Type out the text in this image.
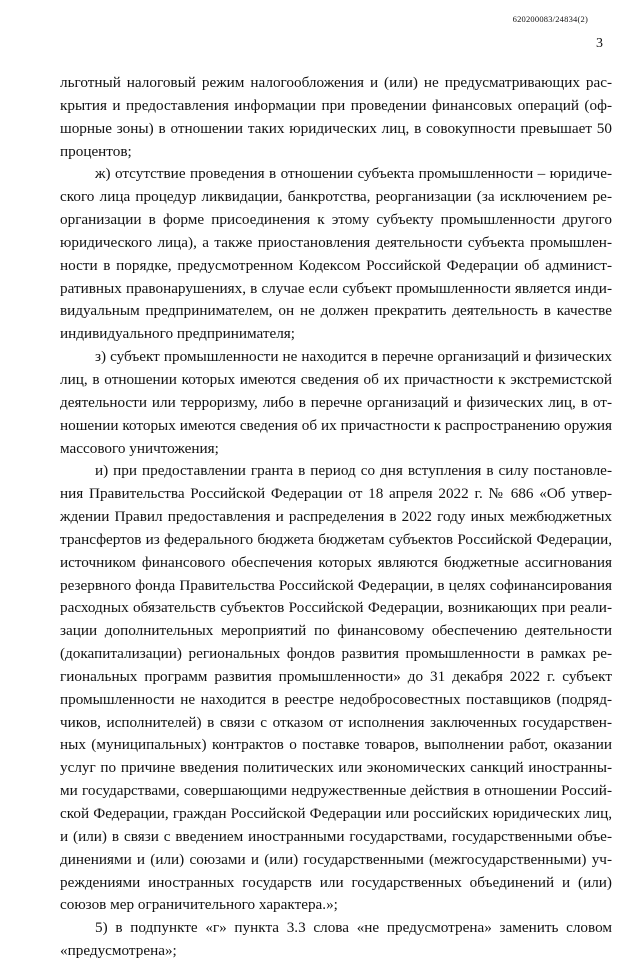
620200083/24834(2)
3

льготный налоговый режим налогообложения и (или) не предусматривающих раскрытия и предоставления информации при проведении финансовых операций (офшорные зоны) в отношении таких юридических лиц, в совокупности превышает 50 процентов;

ж) отсутствие проведения в отношении субъекта промышленности – юридического лица процедур ликвидации, банкротства, реорганизации (за исключением реорганизации в форме присоединения к этому субъекту промышленности другого юридического лица), а также приостановления деятельности субъекта промышленности в порядке, предусмотренном Кодексом Российской Федерации об административных правонарушениях, в случае если субъект промышленности является индивидуальным предпринимателем, он не должен прекратить деятельность в качестве индивидуального предпринимателя;

з) субъект промышленности не находится в перечне организаций и физических лиц, в отношении которых имеются сведения об их причастности к экстремистской деятельности или терроризму, либо в перечне организаций и физических лиц, в отношении которых имеются сведения об их причастности к распространению оружия массового уничтожения;

и) при предоставлении гранта в период со дня вступления в силу постановления Правительства Российской Федерации от 18 апреля 2022 г. № 686 «Об утверждении Правил предоставления и распределения в 2022 году иных межбюджетных трансфертов из федерального бюджета бюджетам субъектов Российской Федерации, источником финансового обеспечения которых являются бюджетные ассигнования резервного фонда Правительства Российской Федерации, в целях софинансирования расходных обязательств субъектов Российской Федерации, возникающих при реализации дополнительных мероприятий по финансовому обеспечению деятельности (докапитализации) региональных фондов развития промышленности в рамках региональных программ развития промышленности» до 31 декабря 2022 г. субъект промышленности не находится в реестре недобросовестных поставщиков (подрядчиков, исполнителей) в связи с отказом от исполнения заключенных государственных (муниципальных) контрактов о поставке товаров, выполнении работ, оказании услуг по причине введения политических или экономических санкций иностранными государствами, совершающими недружественные действия в отношении Российской Федерации, граждан Российской Федерации или российских юридических лиц, и (или) в связи с введением иностранными государствами, государственными объединениями и (или) союзами и (или) государственными (межгосударственными) учреждениями иностранных государств или государственных объединений и (или) союзов мер ограничительного характера.»;

5) в подпункте «г» пункта 3.3 слова «не предусмотрена» заменить словом «предусмотрена»;
